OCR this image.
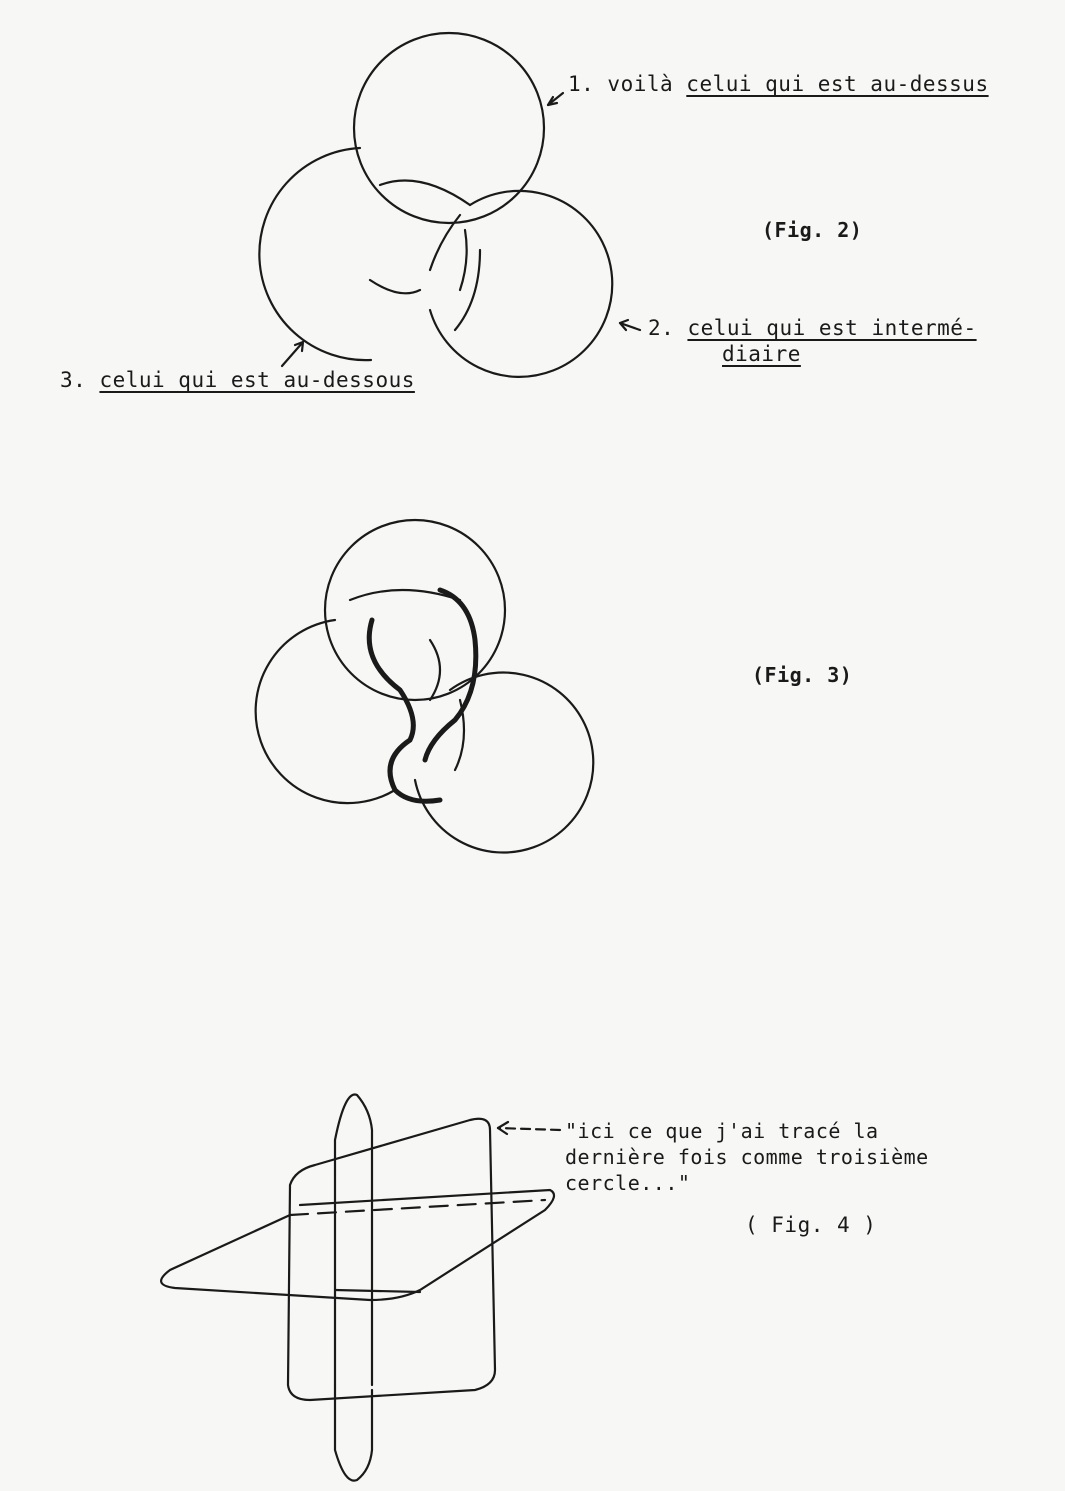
1. voilà celui qui est au-dessus
(Fig. 2)
2. celui qui est intermé-
diaire
3. celui qui est au-dessous
(Fig. 3)
"ici ce que j'ai tracé la
dernière fois comme troisième
cercle..."
( Fig. 4 )
